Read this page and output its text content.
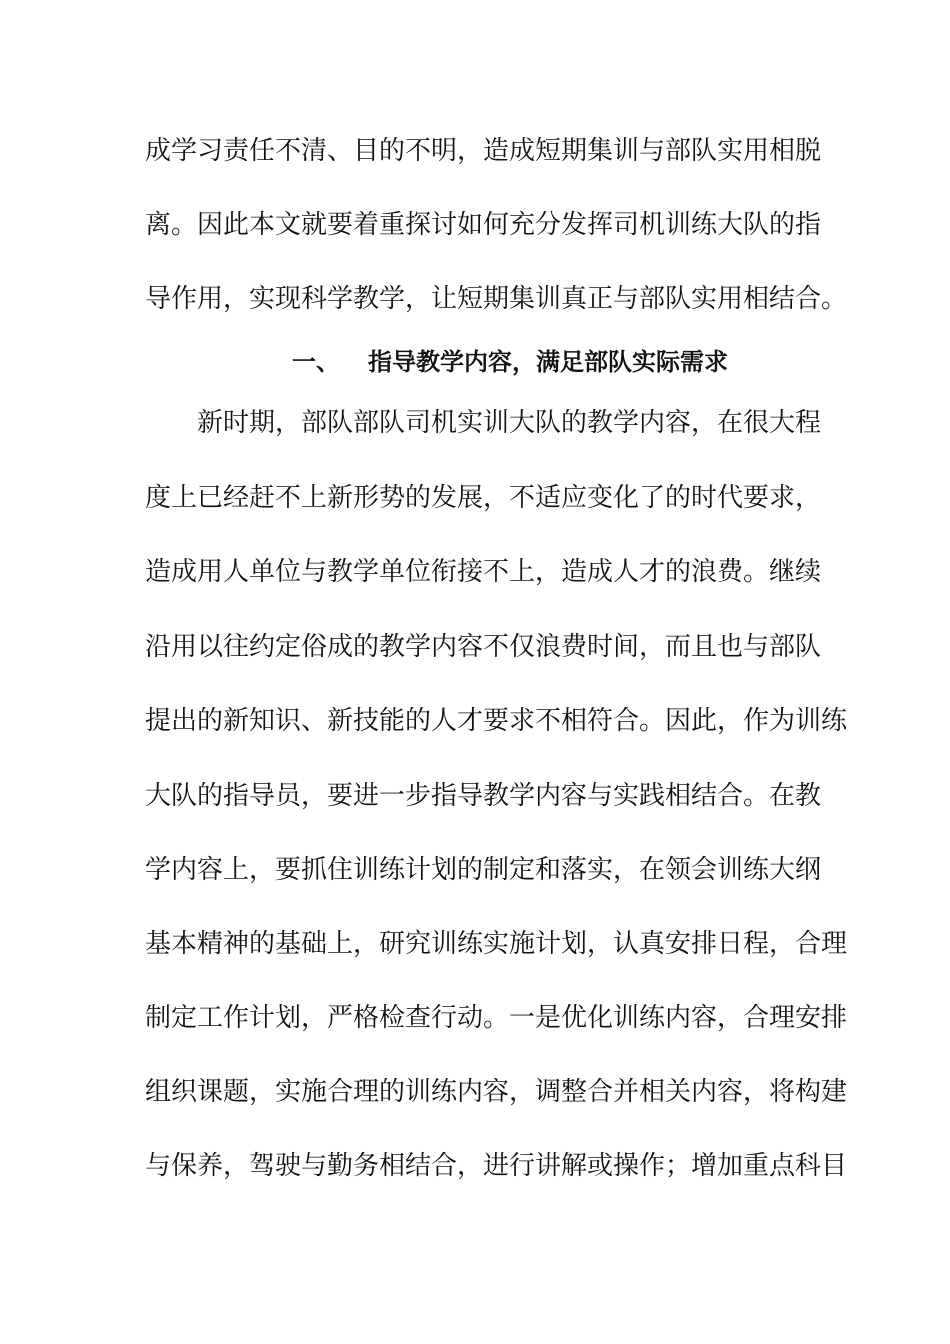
成学习责任不清、目的不明，造成短期集训与部队实用相脱
离。因此本文就要着重探讨如何充分发挥司机训练大队的指
导作用，实现科学教学，让短期集训真正与部队实用相结合。
一、 指导教学内容，满足部队实际需求
新时期，部队部队司机实训大队的教学内容，在很大程
度上已经赶不上新形势的发展，不适应变化了的时代要求，
造成用人单位与教学单位衔接不上，造成人才的浪费。继续
沿用以往约定俗成的教学内容不仅浪费时间，而且也与部队
提出的新知识、新技能的人才要求不相符合。因此，作为训练
大队的指导员，要进一步指导教学内容与实践相结合。在教
学内容上，要抓住训练计划的制定和落实，在领会训练大纲
基本精神的基础上，研究训练实施计划，认真安排日程，合理
制定工作计划，严格检查行动。一是优化训练内容，合理安排
组织课题，实施合理的训练内容，调整合并相关内容，将构建
与保养，驾驶与勤务相结合，进行讲解或操作；增加重点科目
